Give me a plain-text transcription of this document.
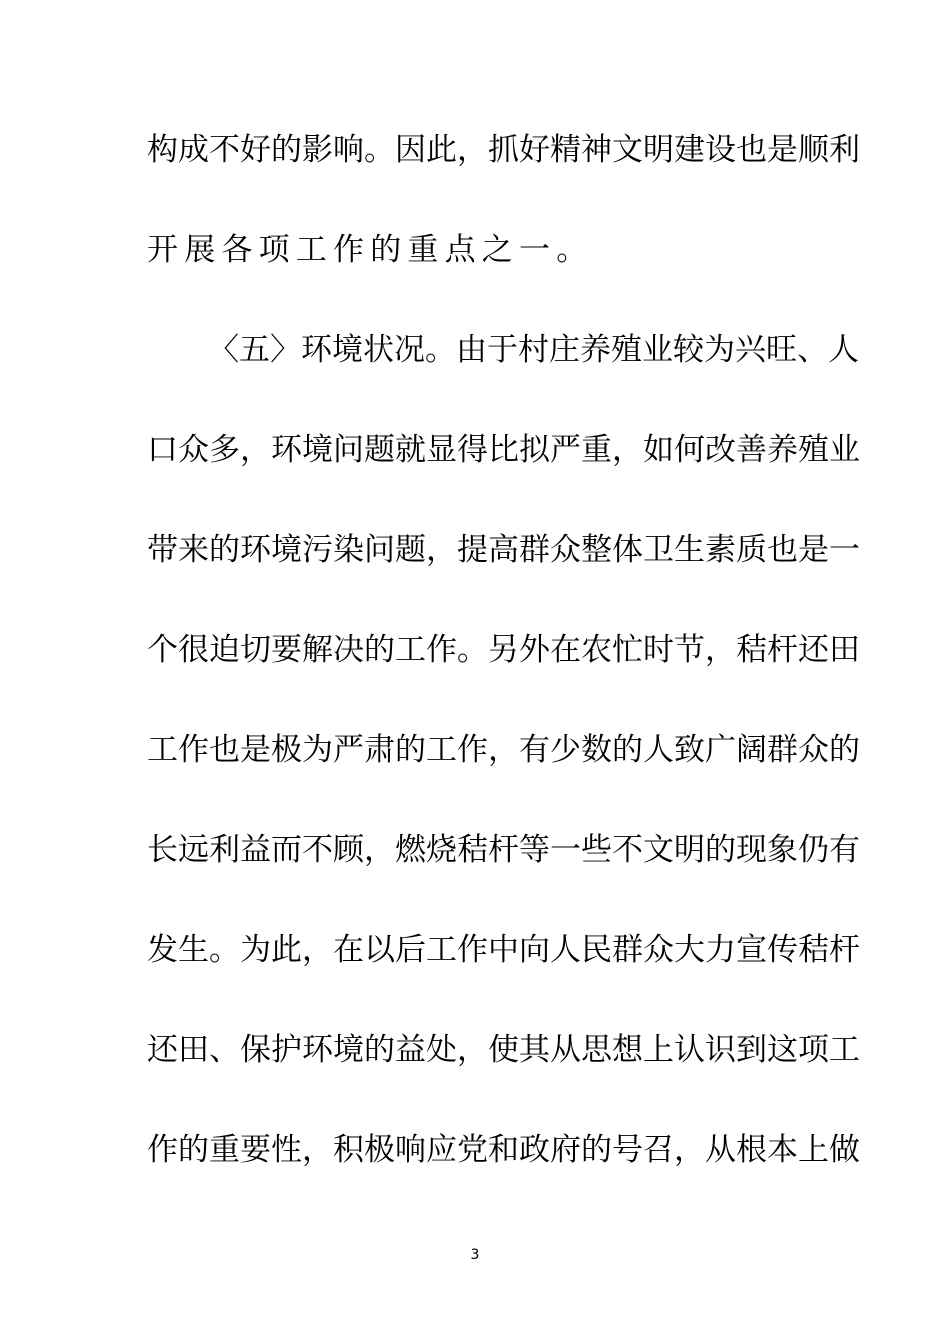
构成不好的影响。因此，抓好精神文明建设也是顺利
开展各项工作的重点之一。
〈五〉环境状况。由于村庄养殖业较为兴旺、人
口众多，环境问题就显得比拟严重，如何改善养殖业
带来的环境污染问题，提高群众整体卫生素质也是一
个很迫切要解决的工作。另外在农忙时节，秸杆还田
工作也是极为严肃的工作，有少数的人致广阔群众的
长远利益而不顾，燃烧秸杆等一些不文明的现象仍有
发生。为此，在以后工作中向人民群众大力宣传秸杆
还田、保护环境的益处，使其从思想上认识到这项工
作的重要性，积极响应党和政府的号召，从根本上做
3
